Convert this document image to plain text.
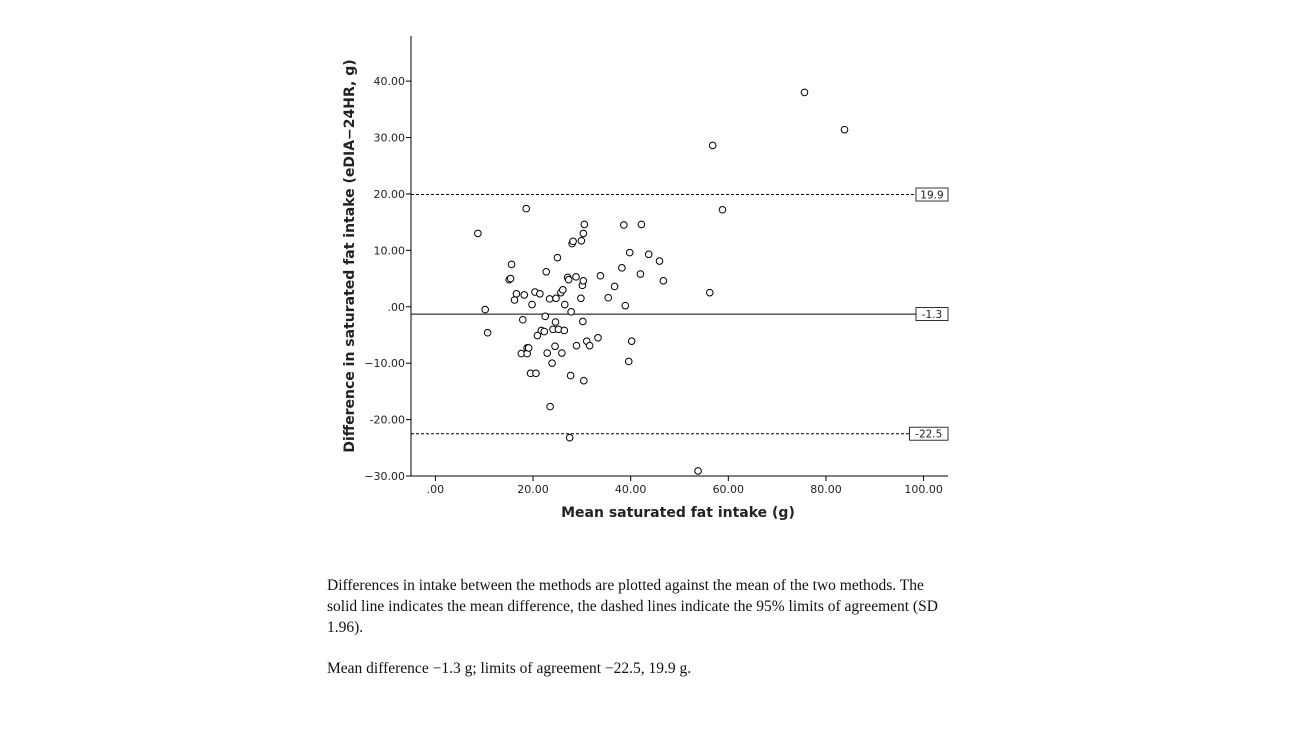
19.9
-1.3
-22.5
−30.00
-20.00
−10.00
.00
10.00
20.00
30.00
40.00
.00	20.00	40.00	60.00	80.00	100.00
Mean saturated fat intake (g)
Difference in saturated fat intake (eDIA−24HR, g)

Differences in intake between the methods are plotted against the mean of the two methods. The solid line indicates the mean difference, the dashed lines indicate the 95% limits of agreement (SD 1.96).

Mean difference −1.3 g; limits of agreement −22.5, 19.9 g.
